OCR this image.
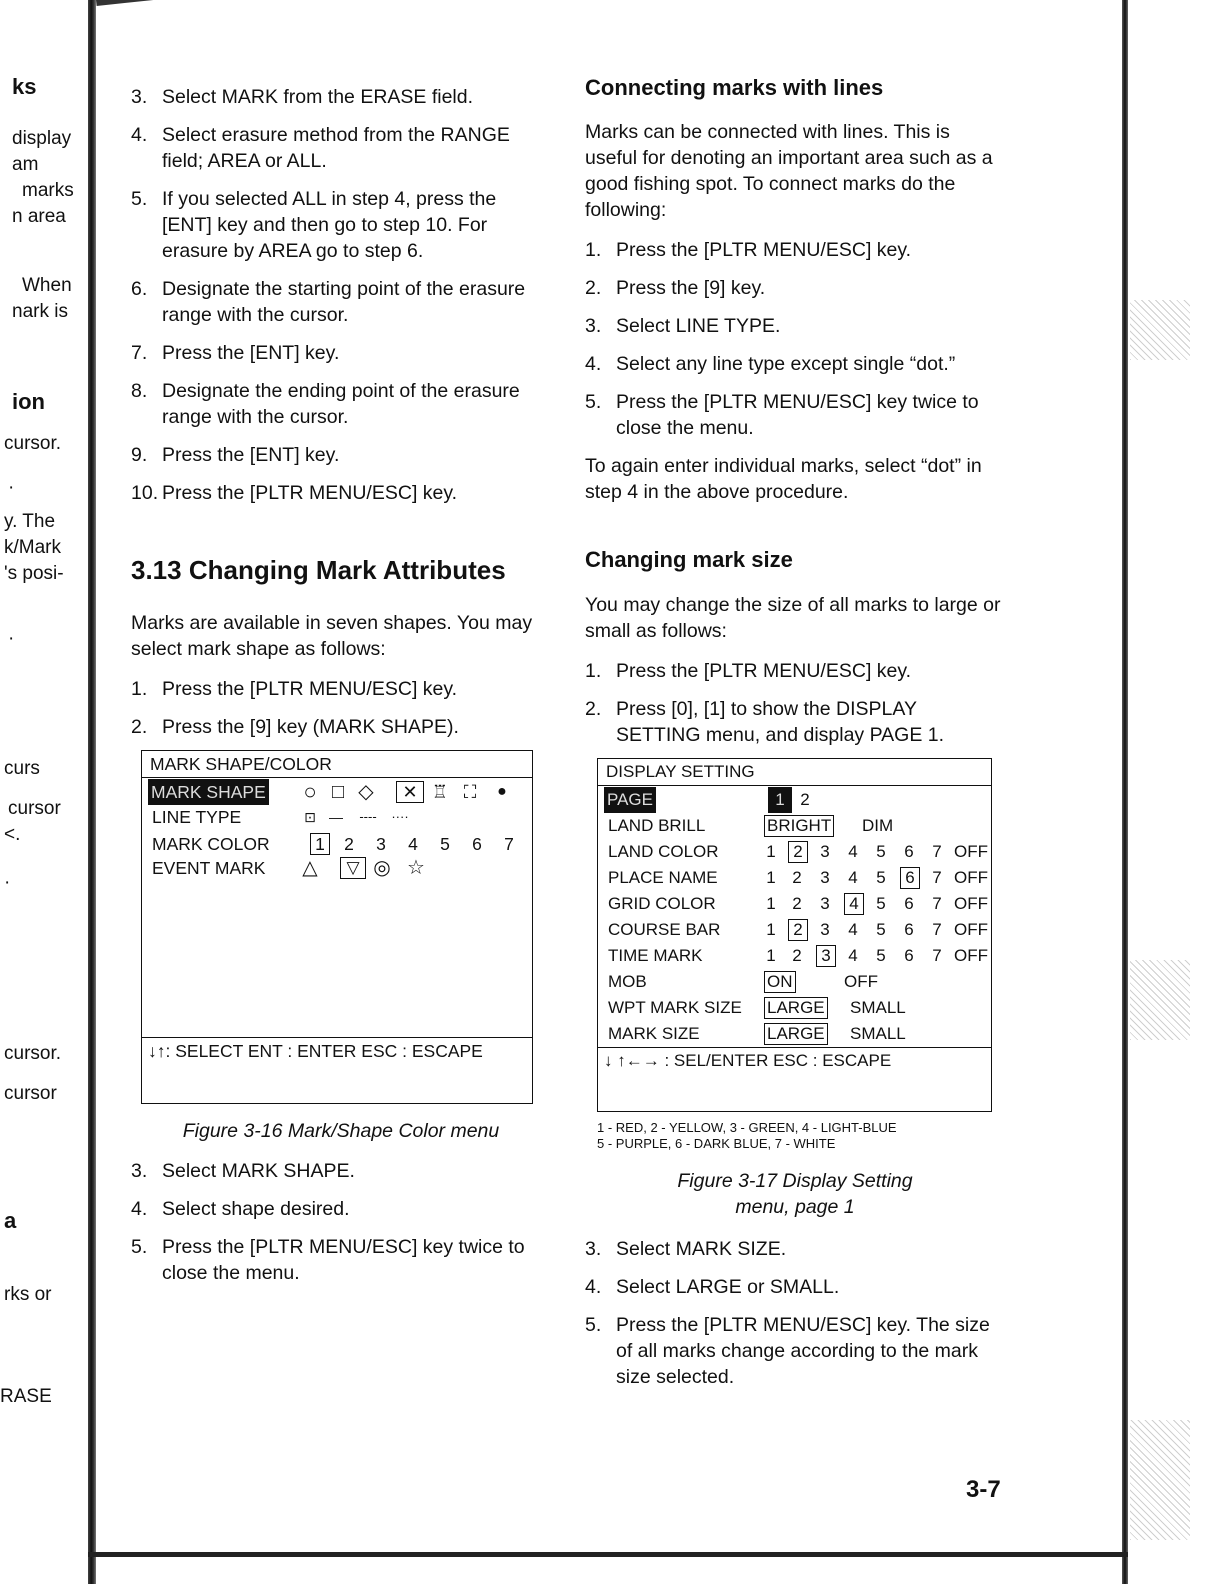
ks
display
am
marks
n area
When
nark is
ion
cursor.
·
y. The
k/Mark
's posi-
·
curs
cursor
<.
·
cursor.
cursor
a
rks or
RASE
3. Select MARK from the ERASE field.
4. Select erasure method from the RANGE field; AREA or ALL.
5. If you selected ALL in step 4, press the [ENT] key and then go to step 10. For erasure by AREA go to step 6.
6. Designate the starting point of the erasure range with the cursor.
7. Press the [ENT] key.
8. Designate the ending point of the erasure range with the cursor.
9. Press the [ENT] key.
10. Press the [PLTR MENU/ESC] key.
3.13 Changing Mark Attributes

Marks are available in seven shapes. You may select mark shape as follows:

1. Press the [PLTR MENU/ESC] key.
2. Press the [9] key (MARK SHAPE).
MARK SHAPE/COLOR
MARK SHAPE ○ □ ◇	✕ ♖ ⛶	●
LINE TYPE	⊡ —	----	····
MARK COLOR	1 2 3 4 5 6 7
EVENT MARK △	▽ ◎ ☆
↓↑: SELECT ENT : ENTER ESC : ESCAPE
Figure 3-16 Mark/Shape Color menu
3. Select MARK SHAPE.
4. Select shape desired.
5. Press the [PLTR MENU/ESC] key twice to close the menu.
Connecting marks with lines

Marks can be connected with lines. This is useful for denoting an important area such as a good fishing spot. To connect marks do the following:

1. Press the [PLTR MENU/ESC] key.
2. Press the [9] key.
3. Select LINE TYPE.
4. Select any line type except single “dot.”
5. Press the [PLTR MENU/ESC] key twice to close the menu.

To again enter individual marks, select “dot” in step 4 in the above procedure.

Changing mark size

You may change the size of all marks to large or small as follows:

1. Press the [PLTR MENU/ESC] key.
2. Press [0], [1] to show the DISPLAY SETTING menu, and display PAGE 1.
DISPLAY SETTING
PAGE	1 2
LAND BRILL	BRIGHT DIM
LAND COLOR	1	2	3 4 5 6 7 OFF
PLACE NAME	1 2 3 4 5	6	7 OFF
GRID COLOR	1 2 3	4	5 6 7 OFF
COURSE BAR	1	2	3 4 5 6 7 OFF
TIME MARK	1 2	3	4 5 6 7 OFF
MOB	ON	OFF
WPT MARK SIZE LARGE SMALL
MARK SIZE	LARGE SMALL
↓ ↑←→ : SEL/ENTER ESC : ESCAPE
1 - RED, 2 - YELLOW, 3 - GREEN, 4 - LIGHT-BLUE
5 - PURPLE, 6 - DARK BLUE, 7 - WHITE
Figure 3-17 Display Setting
menu, page 1
3. Select MARK SIZE.
4. Select LARGE or SMALL.
5. Press the [PLTR MENU/ESC] key. The size of all marks change according to the mark size selected.
3-7
